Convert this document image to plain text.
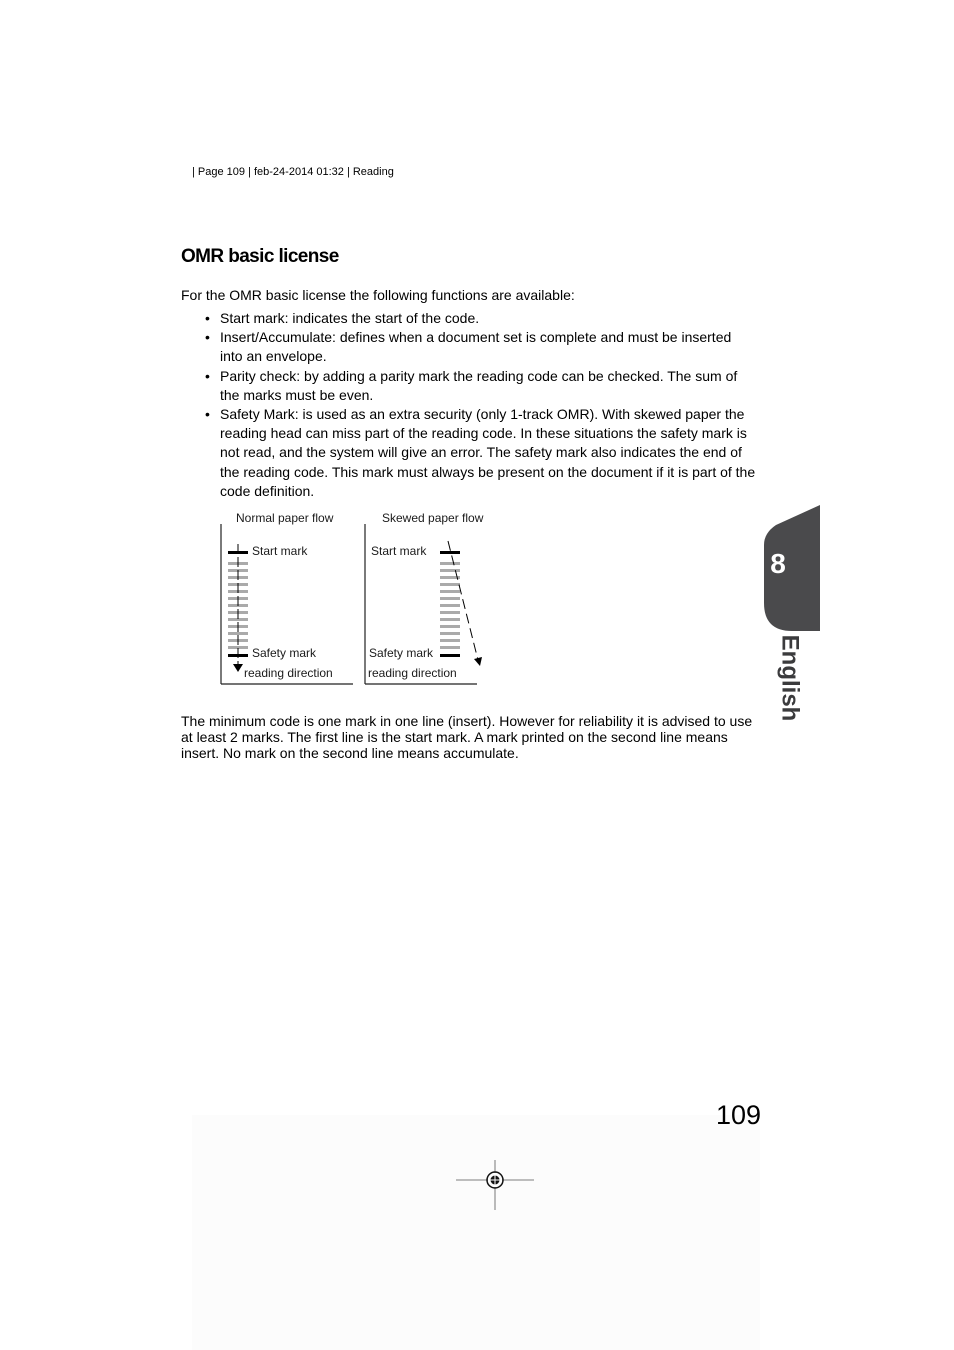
| Page 109 | feb-24-2014 01:32 | Reading
OMR basic license

For the OMR basic license the following functions are available:

• Start mark: indicates the start of the code.
• Insert/Accumulate: defines when a document set is complete and must be inserted into an envelope.
• Parity check: by adding a parity mark the reading code can be checked. The sum of the marks must be even.
• Safety Mark: is used as an extra security (only 1-track OMR). With skewed paper the reading head can miss part of the reading code. In these situations the safety mark is not read, and the system will give an error. The safety mark also indicates the end of the reading code. This mark must always be present on the document if it is part of the code definition.
Normal paper flow
Start mark
Safety mark
reading direction
Skewed paper flow
Start mark
Safety mark
reading direction

The minimum code is one mark in one line (insert). However for reliability it is advised to use at least 2 marks. The first line is the start mark. A mark printed on the second line means insert. No mark on the second line means accumulate.

8
English
109
